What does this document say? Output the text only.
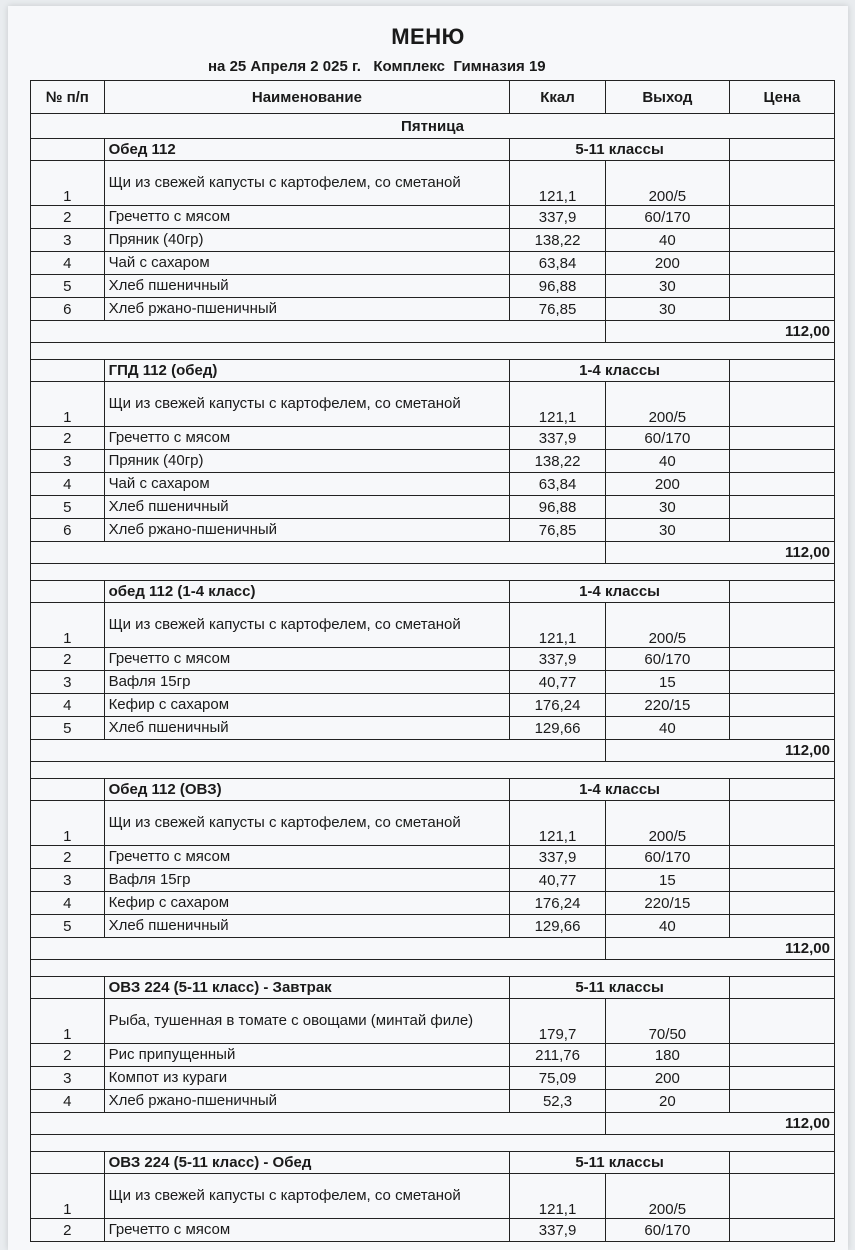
МЕНЮ
на 25 Апреля 2 025 г.   Комплекс  Гимназия 19
№ п/п	Наименование	Ккал	Выход	Цена
Пятница				
	Обед 112	5-11 классы		
1	Щи из свежей капусты с картофелем, со сметаной	121,1	200/5	
2	Гречетто с мясом	337,9	60/170	
3	Пряник (40гр)	138,22	40	
4	Чай с сахаром	63,84	200	
5	Хлеб пшеничный	96,88	30	
6	Хлеб ржано-пшеничный	76,85	30	
			112,00	

	ГПД 112 (обед)	1-4 классы		
1	Щи из свежей капусты с картофелем, со сметаной	121,1	200/5	
2	Гречетто с мясом	337,9	60/170	
3	Пряник (40гр)	138,22	40	
4	Чай с сахаром	63,84	200	
5	Хлеб пшеничный	96,88	30	
6	Хлеб ржано-пшеничный	76,85	30	
			112,00	

	обед 112 (1-4 класс)	1-4 классы		
1	Щи из свежей капусты с картофелем, со сметаной	121,1	200/5	
2	Гречетто с мясом	337,9	60/170	
3	Вафля 15гр	40,77	15	
4	Кефир с сахаром	176,24	220/15	
5	Хлеб пшеничный	129,66	40	
			112,00	

	Обед 112 (ОВЗ)	1-4 классы		
1	Щи из свежей капусты с картофелем, со сметаной	121,1	200/5	
2	Гречетто с мясом	337,9	60/170	
3	Вафля 15гр	40,77	15	
4	Кефир с сахаром	176,24	220/15	
5	Хлеб пшеничный	129,66	40	
			112,00	

	ОВЗ 224 (5-11 класс) - Завтрак	5-11 классы		
1	Рыба, тушенная в томате с овощами (минтай филе)	179,7	70/50	
2	Рис припущенный	211,76	180	
3	Компот из кураги	75,09	200	
4	Хлеб ржано-пшеничный	52,3	20	
			112,00	

	ОВЗ 224 (5-11 класс) - Обед	5-11 классы		
1	Щи из свежей капусты с картофелем, со сметаной	121,1	200/5	
2	Гречетто с мясом	337,9	60/170	
